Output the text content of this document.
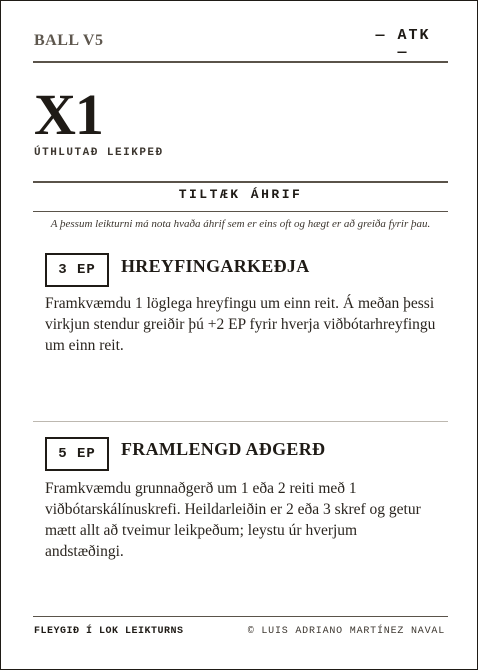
BALL V5	— ATK —
X1
ÚTHLUTAÐ LEIKPEÐ
TILTÆK ÁHRIF
A þessum leikturni má nota hvaða áhrif sem er eins oft og hægt er að greiða fyrir þau.
3 EP	HREYFINGARKEÐJA
Framkvæmdu 1 löglega hreyfingu um einn reit. Á meðan þessi virkjun stendur greiðir þú +2 EP fyrir hverja viðbótarhreyfingu um einn reit.
5 EP	FRAMLENGD AÐGERÐ
Framkvæmdu grunnaðgerð um 1 eða 2 reiti með 1 viðbótarskálínuskrefi. Heildarleiðin er 2 eða 3 skref og getur mætt allt að tveimur leikpeðum; leystu úr hverjum andstæðingi.
FLEYGIÐ Í LOK LEIKTURNS	© LUIS ADRIANO MARTÍNEZ NAVAL
